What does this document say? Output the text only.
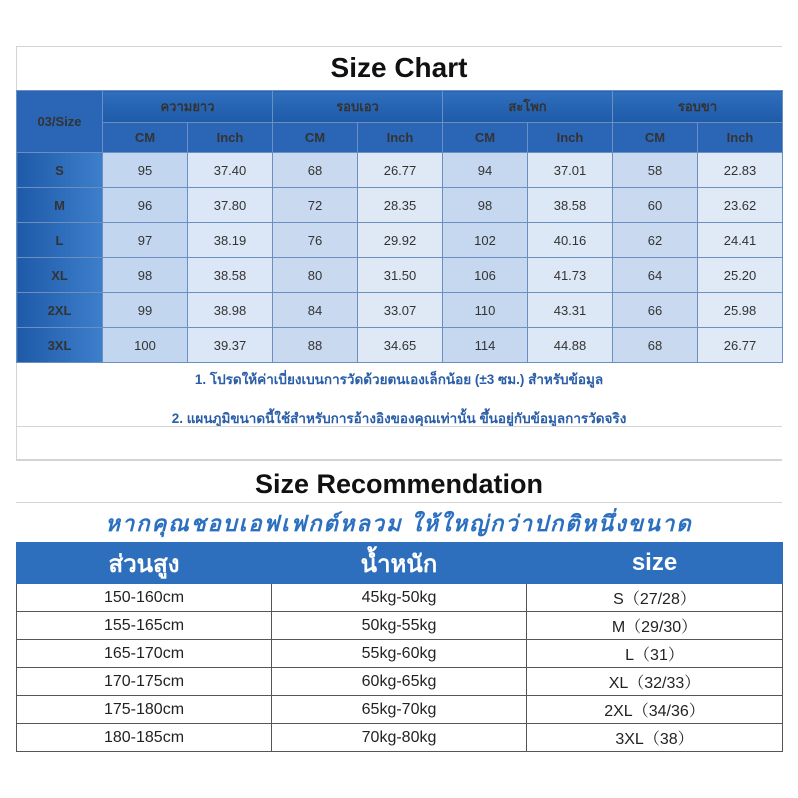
Size Chart
03/Size	ความยาว		รอบเอว		สะโพก		รอบขา	
	CM	Inch	CM	Inch	CM	Inch	CM	Inch
S	95	37.40	68	26.77	94	37.01	58	22.83
M	96	37.80	72	28.35	98	38.58	60	23.62
L	97	38.19	76	29.92	102	40.16	62	24.41
XL	98	38.58	80	31.50	106	41.73	64	25.20
2XL	99	38.98	84	33.07	110	43.31	66	25.98
3XL	100	39.37	88	34.65	114	44.88	68	26.77
1. โปรดให้ค่าเบี่ยงเบนการวัดด้วยตนเองเล็กน้อย (±3 ซม.) สำหรับข้อมูล
2. แผนภูมิขนาดนี้ใช้สำหรับการอ้างอิงของคุณเท่านั้น ขึ้นอยู่กับข้อมูลการวัดจริง
Size Recommendation
หากคุณชอบเอฟเฟกต์หลวม ให้ใหญ่กว่าปกติหนึ่งขนาด
ส่วนสูง	น้ำหนัก	size
150-160cm	45kg-50kg	S（27/28）
155-165cm	50kg-55kg	M（29/30）
165-170cm	55kg-60kg	L（31）
170-175cm	60kg-65kg	XL（32/33）
175-180cm	65kg-70kg	2XL（34/36）
180-185cm	70kg-80kg	3XL（38）
